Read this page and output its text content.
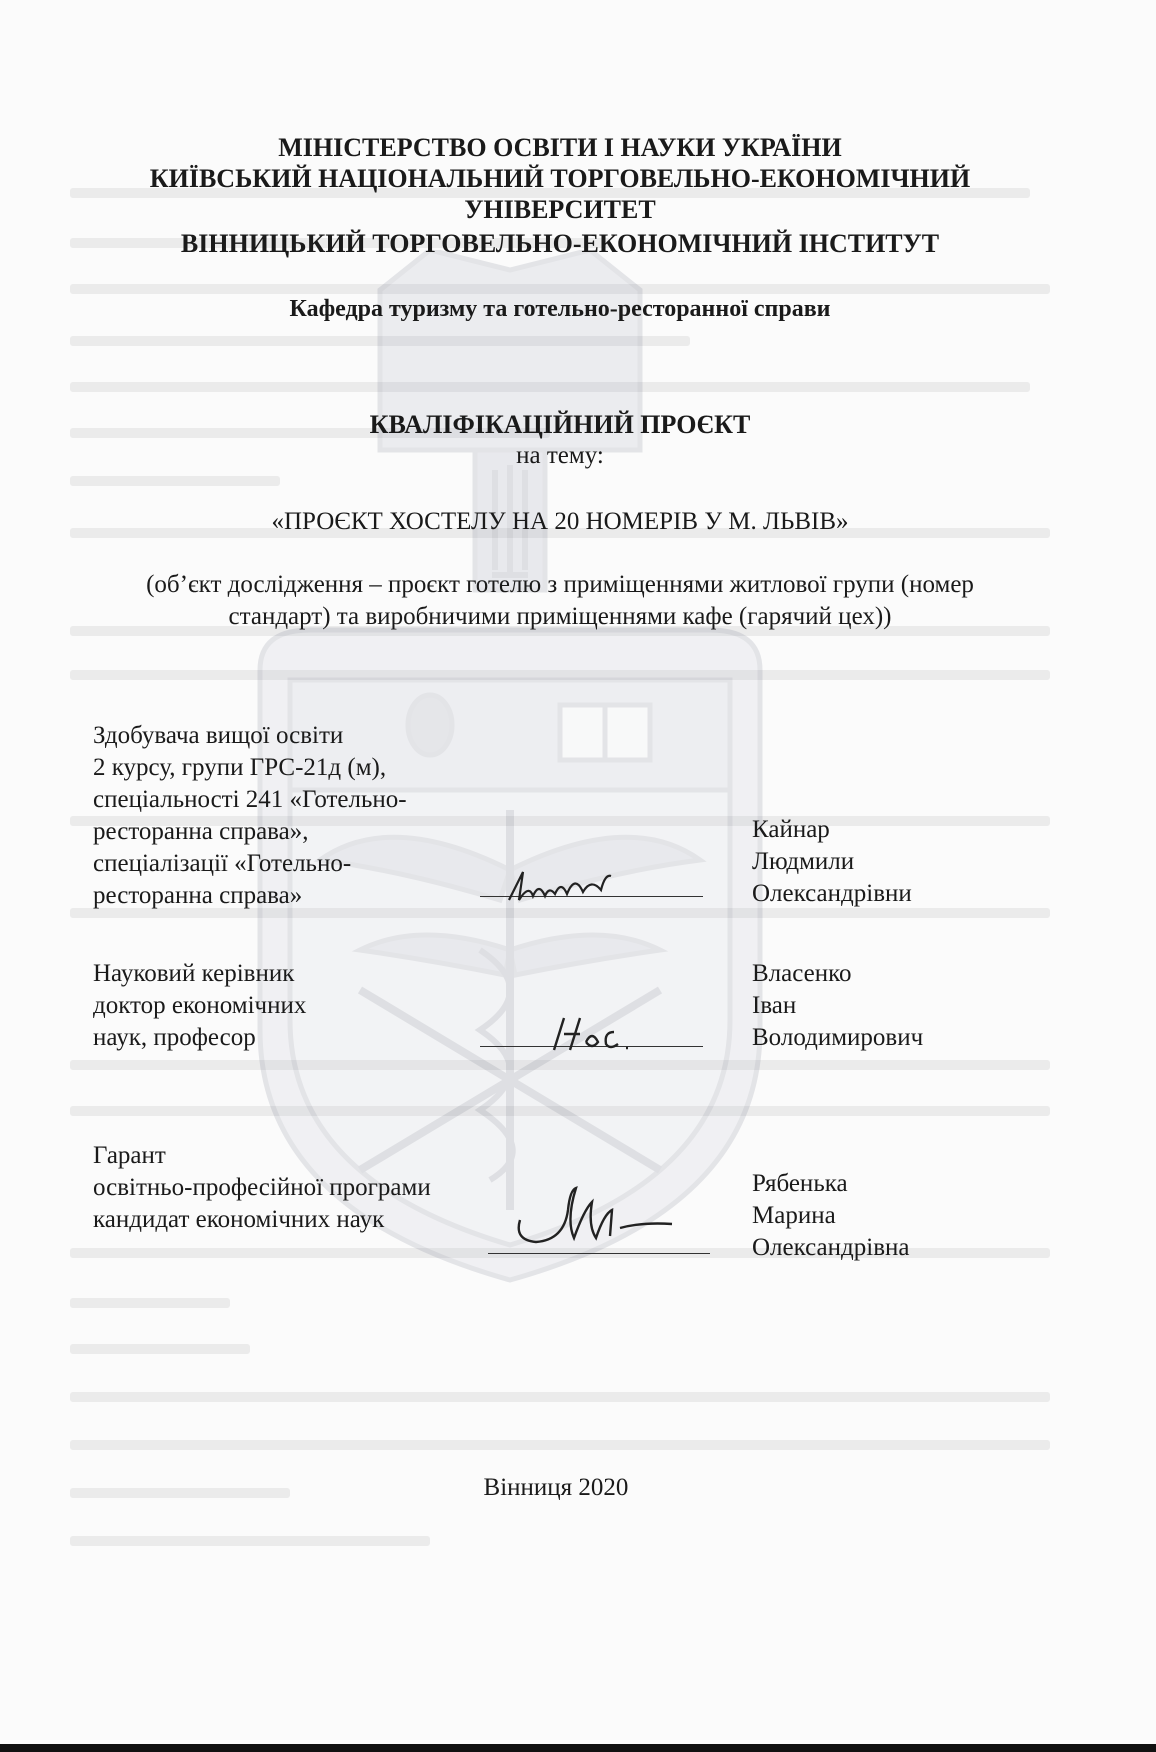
МІНІСТЕРСТВО ОСВІТИ І НАУКИ УКРАЇНИ
КИЇВСЬКИЙ НАЦІОНАЛЬНИЙ ТОРГОВЕЛЬНО-ЕКОНОМІЧНИЙ
УНІВЕРСИТЕТ
ВІННИЦЬКИЙ ТОРГОВЕЛЬНО-ЕКОНОМІЧНИЙ ІНСТИТУТ
Кафедра туризму та готельно-ресторанної справи
КВАЛІФІКАЦІЙНИЙ ПРОЄКТ
на тему:
«ПРОЄКТ ХОСТЕЛУ НА 20 НОМЕРІВ У М. ЛЬВІВ»
(об’єкт дослідження – проєкт готелю з приміщеннями житлової групи (номер
стандарт) та виробничими приміщеннями кафе (гарячий цех))
Здобувача вищої освіти
2 курсу, групи ГРС-21д (м),
спеціальності 241 «Готельно-
ресторанна справа»,
спеціалізації «Готельно-
ресторанна справа»
Кайнар
Людмили
Олександрівни
Науковий керівник
доктор економічних
наук, професор
Власенко
Іван
Володимирович
Гарант
освітньо-професійної програми
кандидат економічних наук
Рябенька
Марина
Олександрівна
Вінниця 2020
